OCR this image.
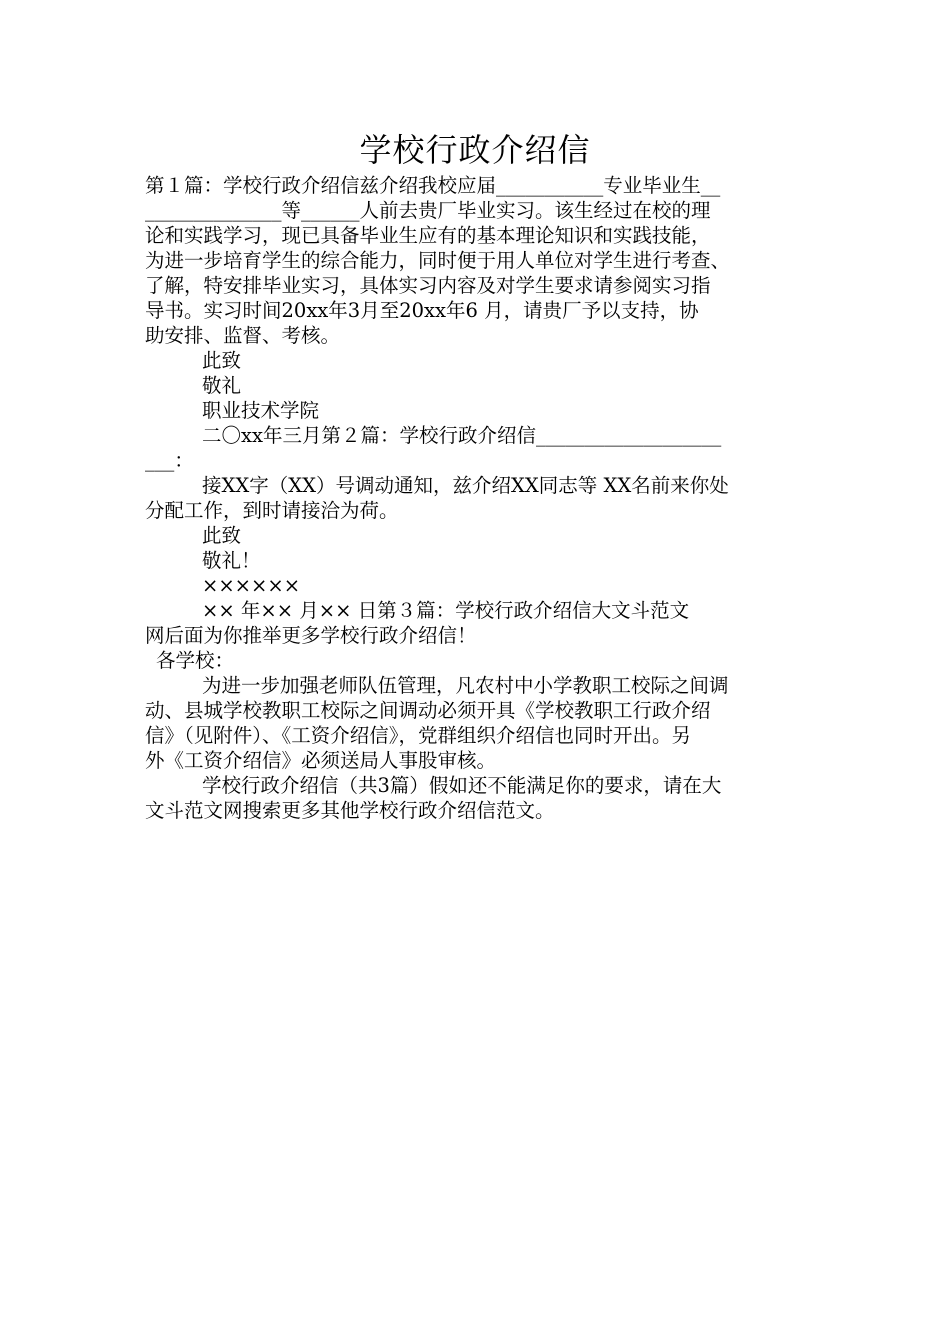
学校行政介绍信
第１篇：学校行政介绍信兹介绍我校应届___________专业毕业生__
______________等______人前去贵厂毕业实习。该生经过在校的理
论和实践学习，现已具备毕业生应有的基本理论知识和实践技能，
为进一步培育学生的综合能力，同时便于用人单位对学生进行考查、
了解，特安排毕业实习，具体实习内容及对学生要求请参阅实习指
导书。实习时间20xx年3月至20xx年6 月，请贵厂予以支持，协
助安排、监督、考核。
此致
敬礼
职业技术学院
二〇xx年三月第２篇：学校行政介绍信___________________
___：
接XX字（XX）号调动通知，兹介绍XX同志等 XX名前来你处
分配工作，到时请接洽为荷。
此致
敬礼！
××××××
×× 年×× 月×× 日第３篇：学校行政介绍信大文斗范文
网后面为你推举更多学校行政介绍信！
各学校：
为进一步加强老师队伍管理，凡农村中小学教职工校际之间调
动、县城学校教职工校际之间调动必须开具《学校教职工行政介绍
信》（见附件）、《工资介绍信》，党群组织介绍信也同时开出。另
外《工资介绍信》必须送局人事股审核。
学校行政介绍信（共3篇）假如还不能满足你的要求，请在大
文斗范文网搜索更多其他学校行政介绍信范文。
